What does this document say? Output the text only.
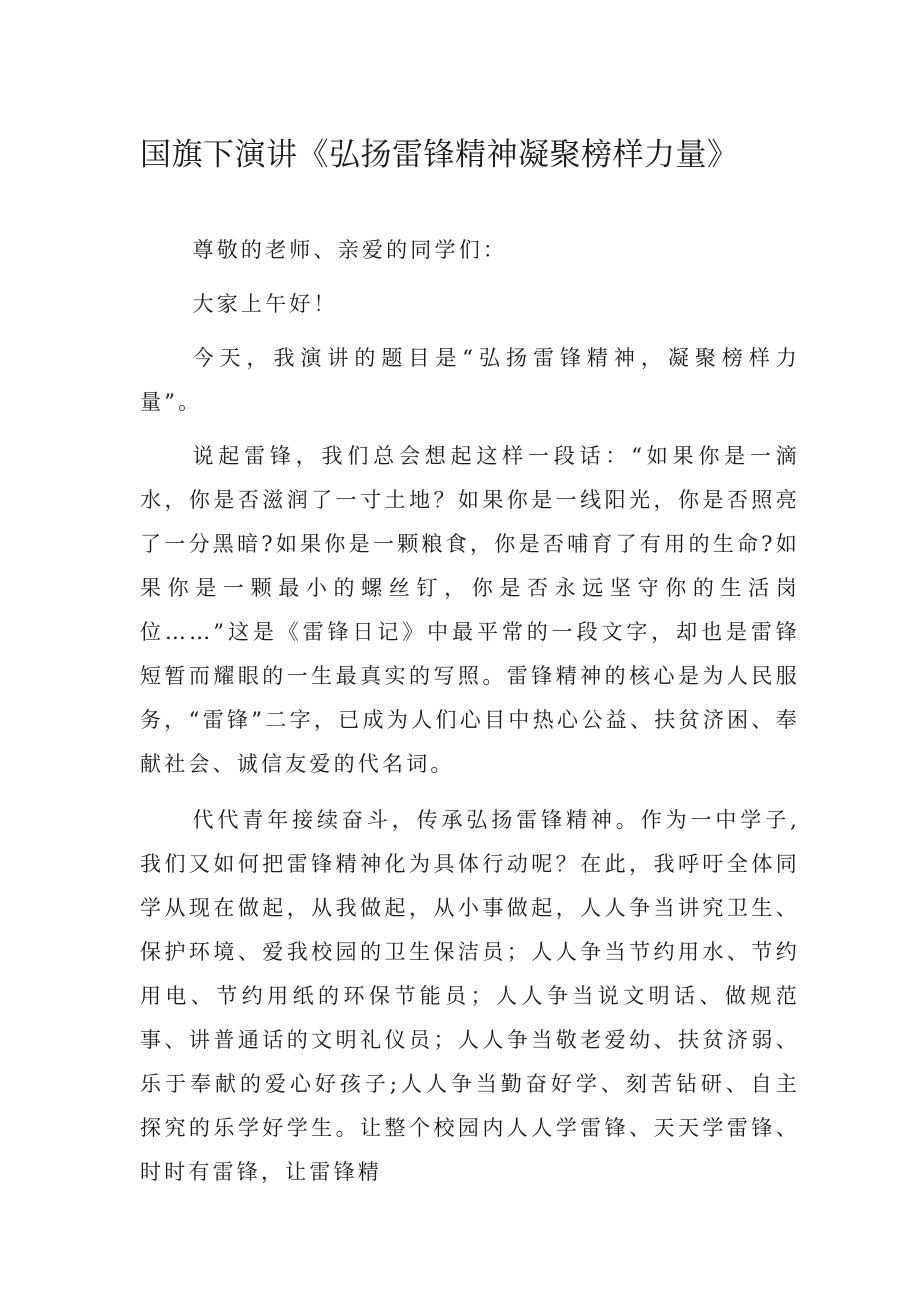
国旗下演讲《弘扬雷锋精神凝聚榜样力量》

尊敬的老师、亲爱的同学们：

大家上午好！

今天，我演讲的题目是“弘扬雷锋精神，凝聚榜样力量”。

说起雷锋，我们总会想起这样一段话：“如果你是一滴水，你是否滋润了一寸土地？如果你是一线阳光，你是否照亮了一分黑暗?如果你是一颗粮食，你是否哺育了有用的生命?如果你是一颗最小的螺丝钉，你是否永远坚守你的生活岗位……”这是《雷锋日记》中最平常的一段文字，却也是雷锋短暂而耀眼的一生最真实的写照。雷锋精神的核心是为人民服务，“雷锋”二字，已成为人们心目中热心公益、扶贫济困、奉献社会、诚信友爱的代名词。

代代青年接续奋斗，传承弘扬雷锋精神。作为一中学子,我们又如何把雷锋精神化为具体行动呢？在此，我呼吁全体同学从现在做起，从我做起，从小事做起，人人争当讲究卫生、保护环境、爱我校园的卫生保洁员；人人争当节约用水、节约用电、节约用纸的环保节能员；人人争当说文明话、做规范事、讲普通话的文明礼仪员；人人争当敬老爱幼、扶贫济弱、乐于奉献的爱心好孩子;人人争当勤奋好学、刻苦钻研、自主探究的乐学好学生。让整个校园内人人学雷锋、天天学雷锋、时时有雷锋，让雷锋精
